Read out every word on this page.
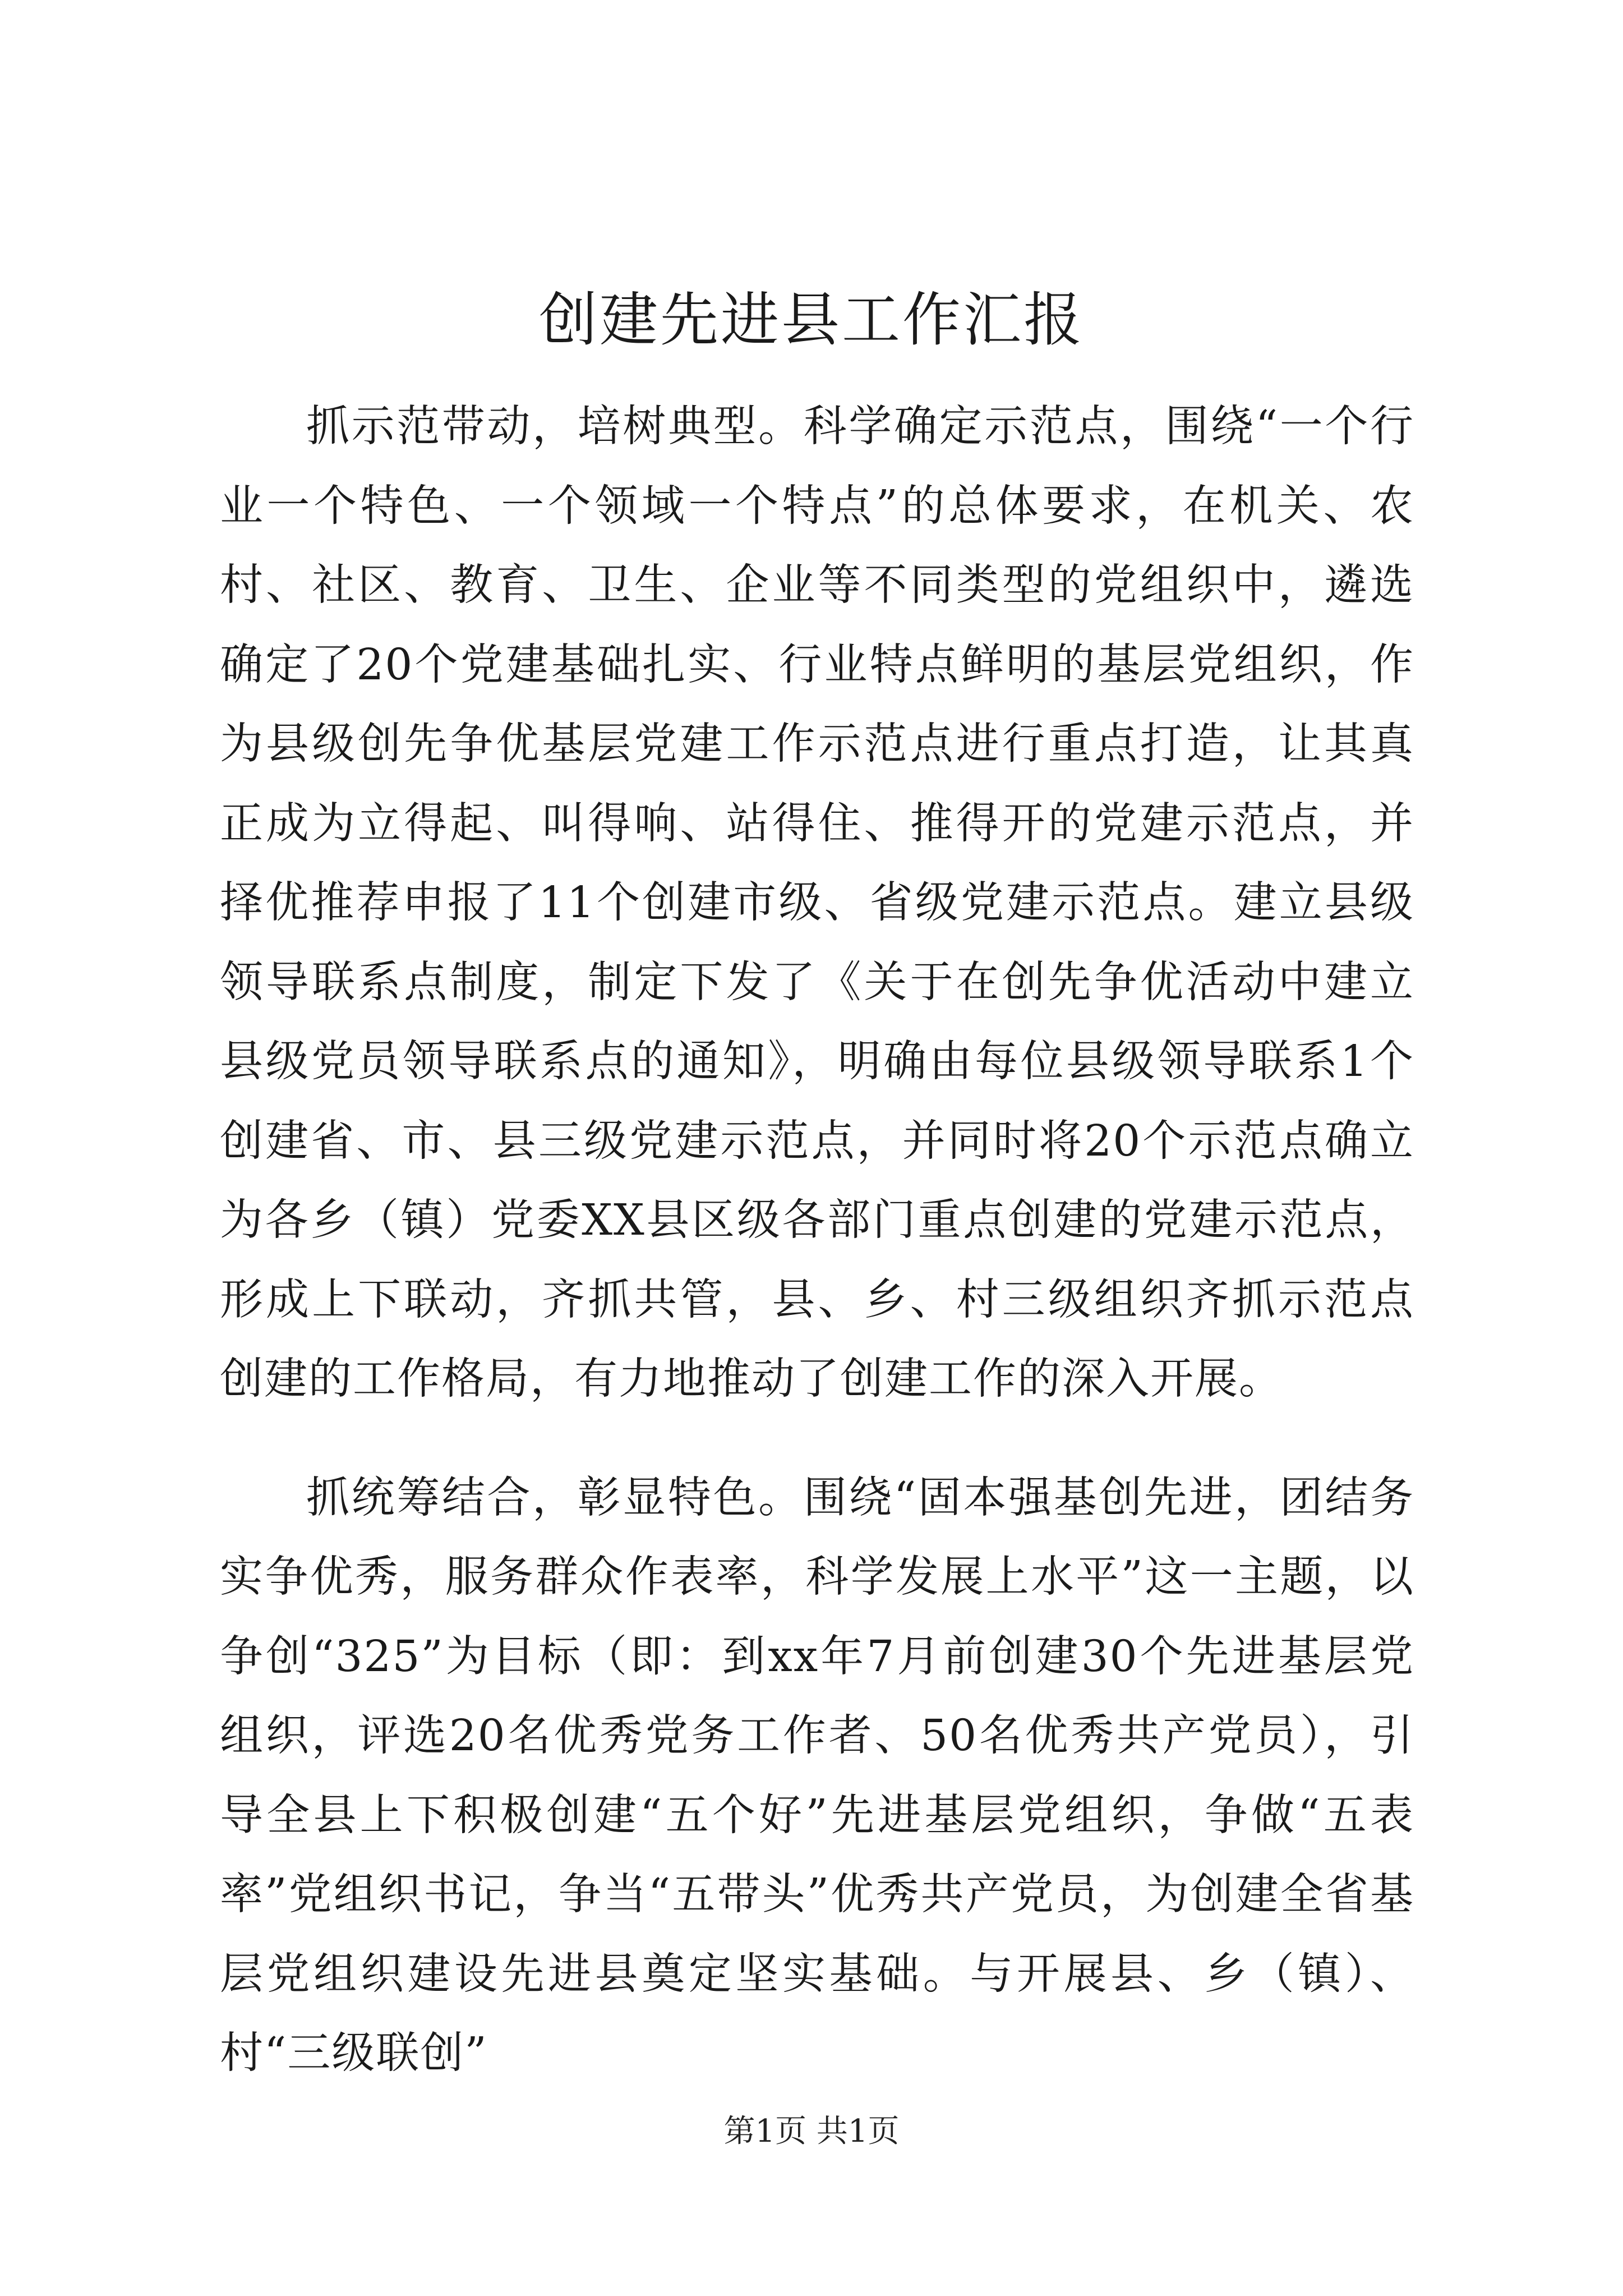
创建先进县工作汇报

抓示范带动，培树典型。科学确定示范点，围绕“一个行业一个特色、一个领域一个特点”的总体要求，在机关、农村、社区、教育、卫生、企业等不同类型的党组织中，遴选确定了20个党建基础扎实、行业特点鲜明的基层党组织，作为县级创先争优基层党建工作示范点进行重点打造，让其真正成为立得起、叫得响、站得住、推得开的党建示范点，并择优推荐申报了11个创建市级、省级党建示范点。建立县级领导联系点制度，制定下发了《关于在创先争优活动中建立县级党员领导联系点的通知》，明确由每位县级领导联系1个创建省、市、县三级党建示范点，并同时将20个示范点确立为各乡（镇）党委XX县区级各部门重点创建的党建示范点，形成上下联动，齐抓共管，县、乡、村三级组织齐抓示范点创建的工作格局，有力地推动了创建工作的深入开展。

抓统筹结合，彰显特色。围绕“固本强基创先进，团结务实争优秀，服务群众作表率，科学发展上水平”这一主题，以争创“325”为目标（即：到xx年7月前创建30个先进基层党组织，评选20名优秀党务工作者、50名优秀共产党员），引导全县上下积极创建“五个好”先进基层党组织，争做“五表率”党组织书记，争当“五带头”优秀共产党员，为创建全省基层党组织建设先进县奠定坚实基础。与开展县、乡（镇）、村“三级联创”

第1页 共1页
